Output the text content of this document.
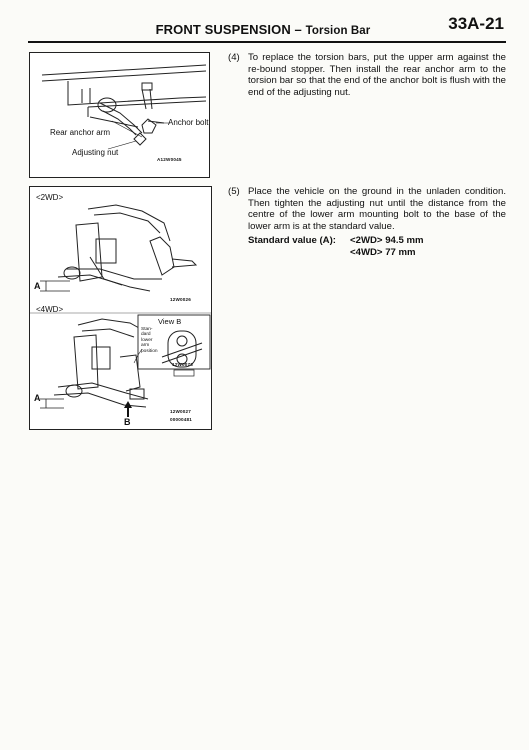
FRONT SUSPENSION – Torsion Bar	33A-21
Anchor bolt
Rear anchor arm
Adjusting nut
A12W0045
<2WD>
A
12W0026
<4WD>
View B
Stan-
dard
lower
arm
position
12W0073
A
12W0027
00000481
B
(4) To replace the torsion bars, put the upper arm against the re-bound stopper. Then install the rear anchor arm to the torsion bar so that the end of the anchor bolt is flush with the end of the adjusting nut.
(5) Place the vehicle on the ground in the unladen condition. Then tighten the adjusting nut until the distance from the centre of the lower arm mounting bolt to the base of the lower arm is at the standard value.
Standard value (A): <2WD> 94.5 mm
<4WD> 77 mm
